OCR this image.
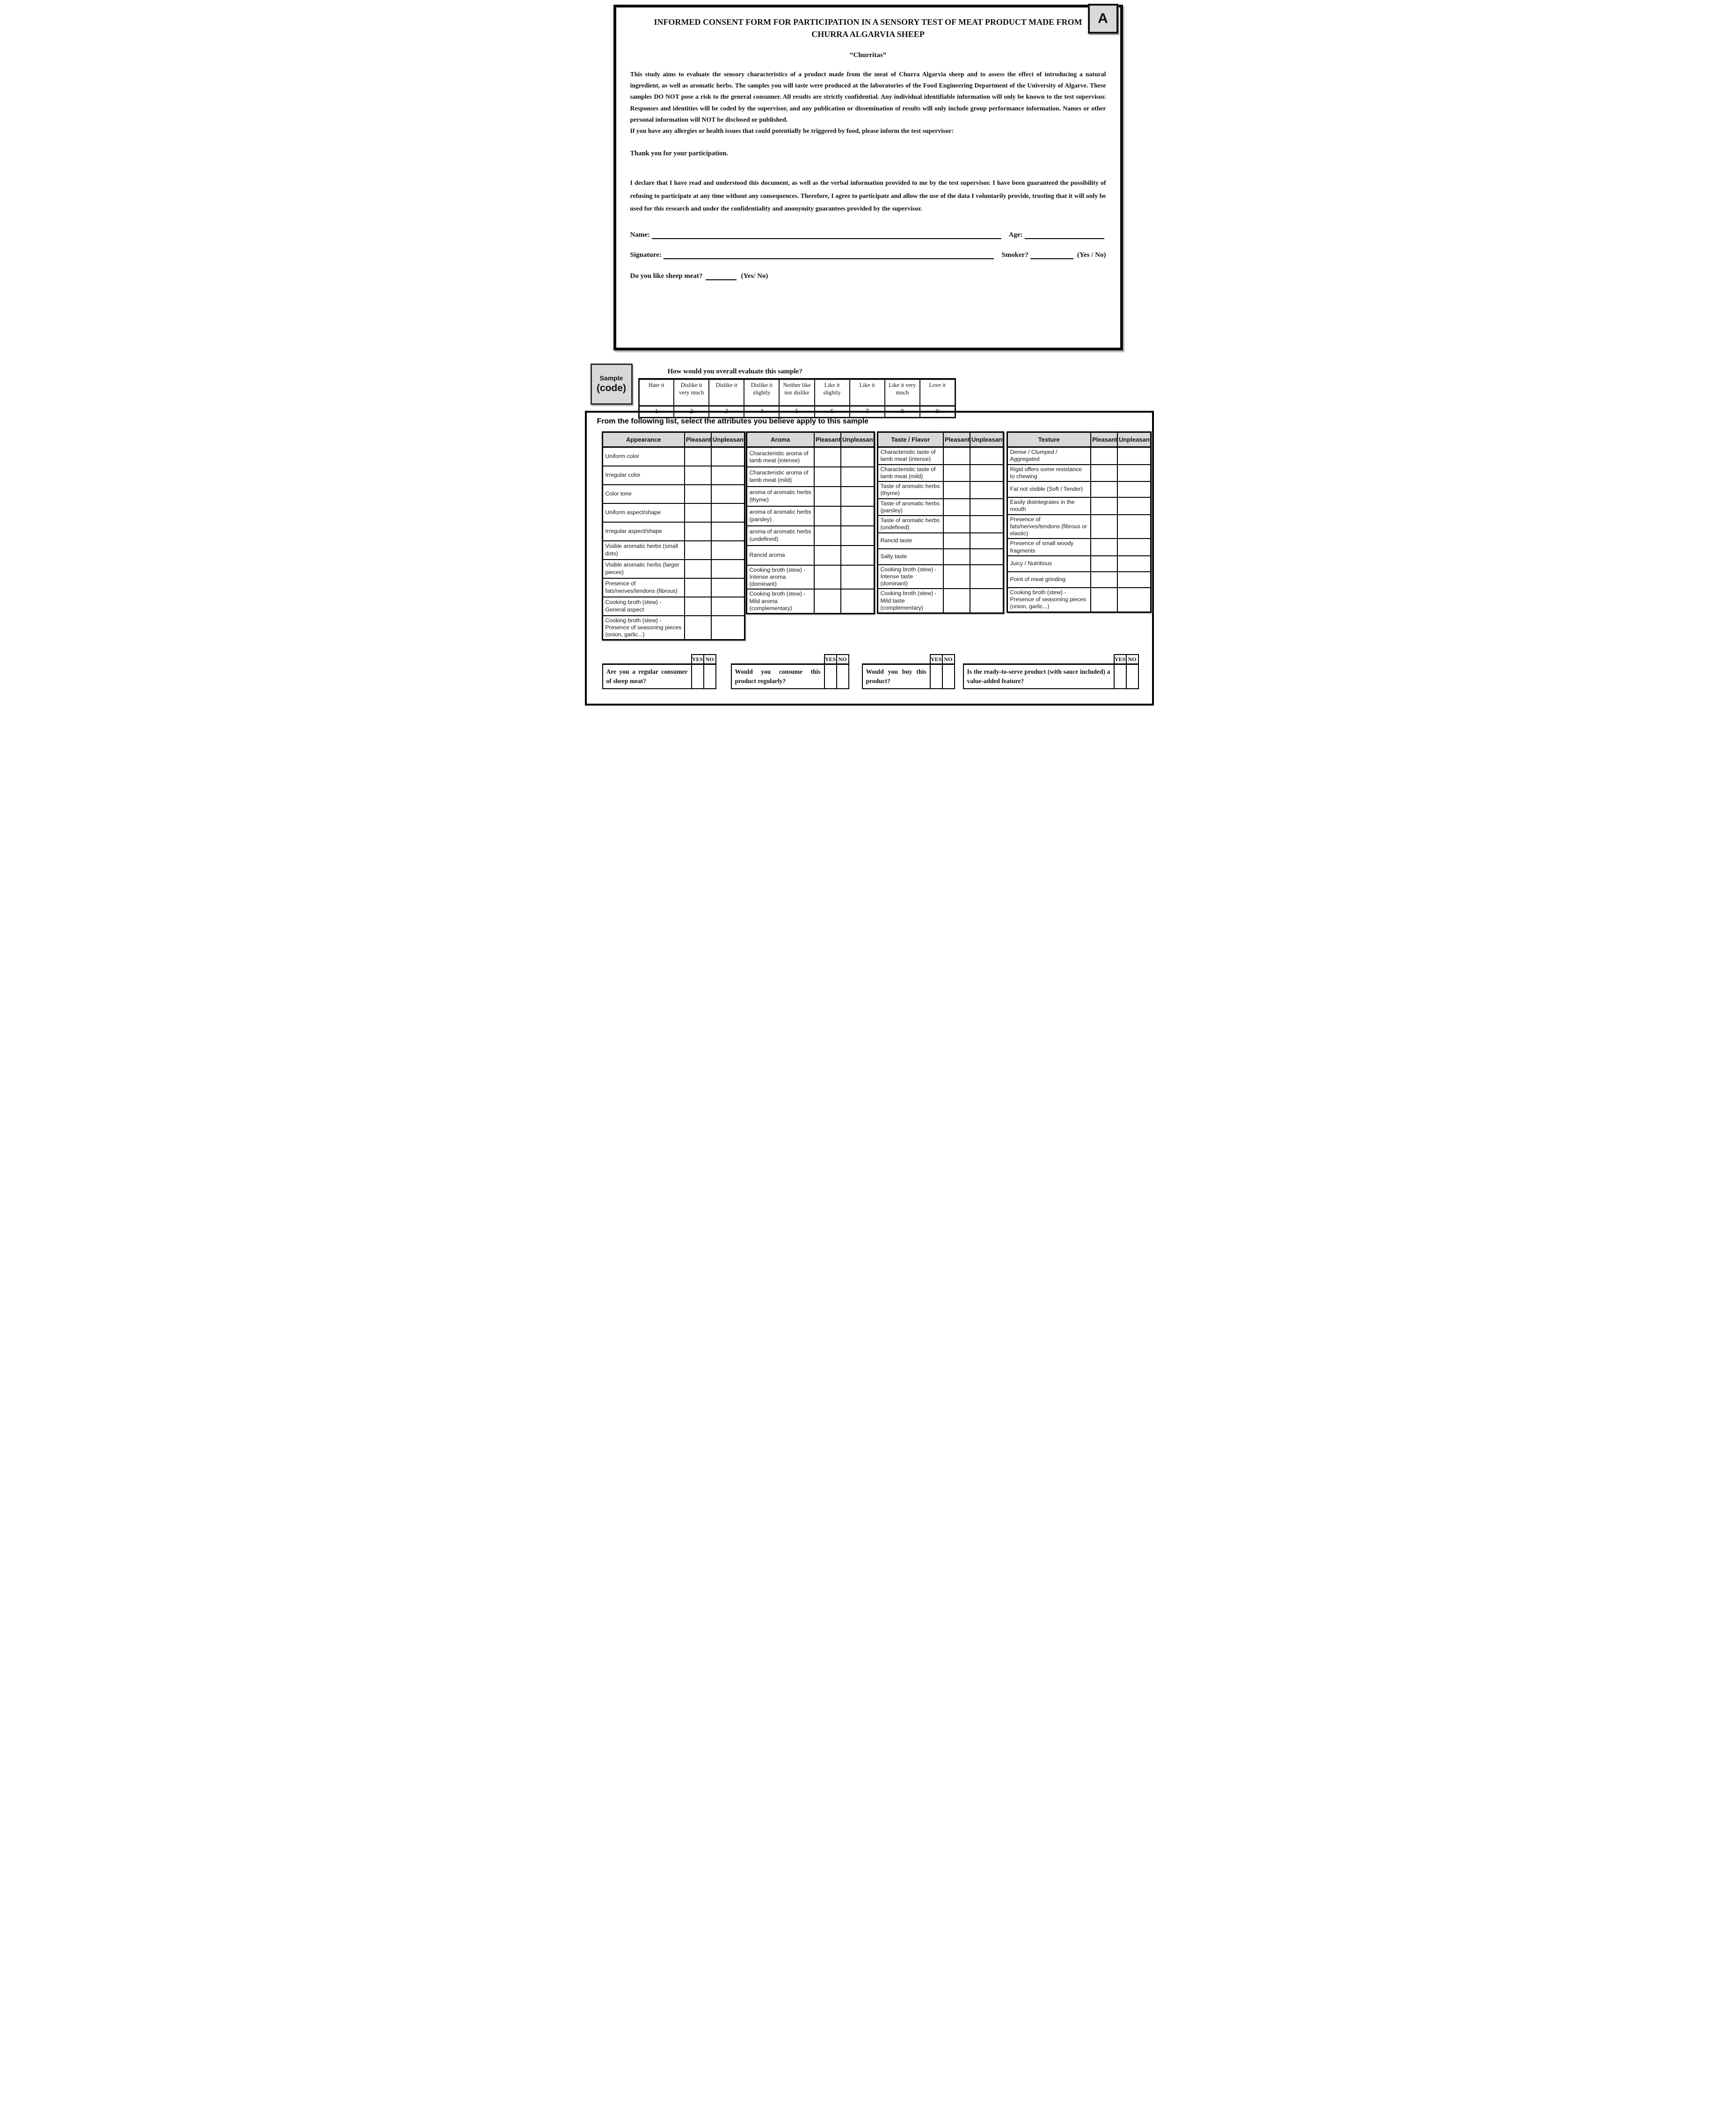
INFORMED CONSENT FORM FOR PARTICIPATION IN A SENSORY TEST OF MEAT PRODUCT MADE FROM CHURRA ALGARVIA SHEEP
“Churritas”

This study aims to evaluate the sensory characteristics of a product made from the meat of Churra Algarvia sheep and to assess the effect of introducing a natural ingredient, as well as aromatic herbs. The samples you will taste were produced at the laboratories of the Food Engineering Department of the University of Algarve. These samples DO NOT pose a risk to the general consumer. All results are strictly confidential. Any individual identifiable information will only be known to the test supervisor. Responses and identities will be coded by the supervisor, and any publication or dissemination of results will only include group performance information. Names or other personal information will NOT be disclosed or published.

If you have any allergies or health issues that could potentially be triggered by food, please inform the test supervisor:

Thank you for your participation.

I declare that I have read and understood this document, as well as the verbal information provided to me by the test supervisor. I have been guaranteed the possibility of refusing to participate at any time without any consequences. Therefore, I agree to participate and allow the use of the data I voluntarily provide, trusting that it will only be used for this research and under the confidentiality and anonymity guarantees provided by the supervisor.

Name:	Age:
Signature:	Smoker?	(Yes / No)
Do you like sheep meat?	(Yes/ No)
A
Sample
(code)
How would you overall evaluate this sample?
Hate it	Dislike it very much	Dislike it	Dislike it slightly	Neither like nor dislike	Like it slightly	Like it	Like it very much	Love it
1	2	3	4	5	6	7	8	9
From the following list, select the attributes you believe apply to this sample
Appearance	Pleasant	Unpleasant
Uniform color		
Irregular color		
Color tone		
Uniform aspect/shape		
Irregular aspect/shape		
Visible aromatic herbs (small dots)		
Visible aromatic herbs (larger pieces)		
Presence of fats/nerves/tendons (fibrous)		
Cooking broth (stew) - General aspect		
Cooking broth (stew) - Presence of seasoning pieces (onion, garlic...)		
Aroma	Pleasant	Unpleasant
Characteristic aroma of lamb meat (intense)		
Characteristic aroma of lamb meat (mild)		
aroma of aromatic herbs (thyme)		
aroma of aromatic herbs (parsley)		
aroma of aromatic herbs (undefined)		
Rancid aroma		
Cooking broth (stew) - Intense aroma (dominant)		
Cooking broth (stew) - Mild aroma (complementary)		
Taste / Flavor	Pleasant	Unpleasant
Characteristic taste of lamb meat (intense)		
Characteristic taste of lamb meat (mild)		
Taste of aromatic herbs (thyme)		
Taste of aromatic herbs (parsley)		
Taste of aromatic herbs (undefined)		
Rancid taste		
Salty taste		
Cooking broth (stew) - Intense taste (dominant)		
Cooking broth (stew) - Mild taste (complementary)		
Texture	Pleasant	Unpleasant
Dense / Clumped / Aggregated		
Rigid offers some resistance to chewing		
Fat not visible (Soft / Tender)		
Easily disintegrates in the mouth		
Presence of fats/nerves/tendons (fibrous or elastic)		
Presence of small woody fragments		
Juicy / Nutritious		
Point of meat grinding		
Cooking broth (stew) - Presence of seasoning pieces (onion, garlic...)		
	YES	NO
Are you a regular consumer of sheep meat?		
	YES	NO
Would you consume this product regularly?		
	YES	NO
Would you buy this product?		
	YES	NO
Is the ready-to-serve product (with sauce included) a value-added feature?		
